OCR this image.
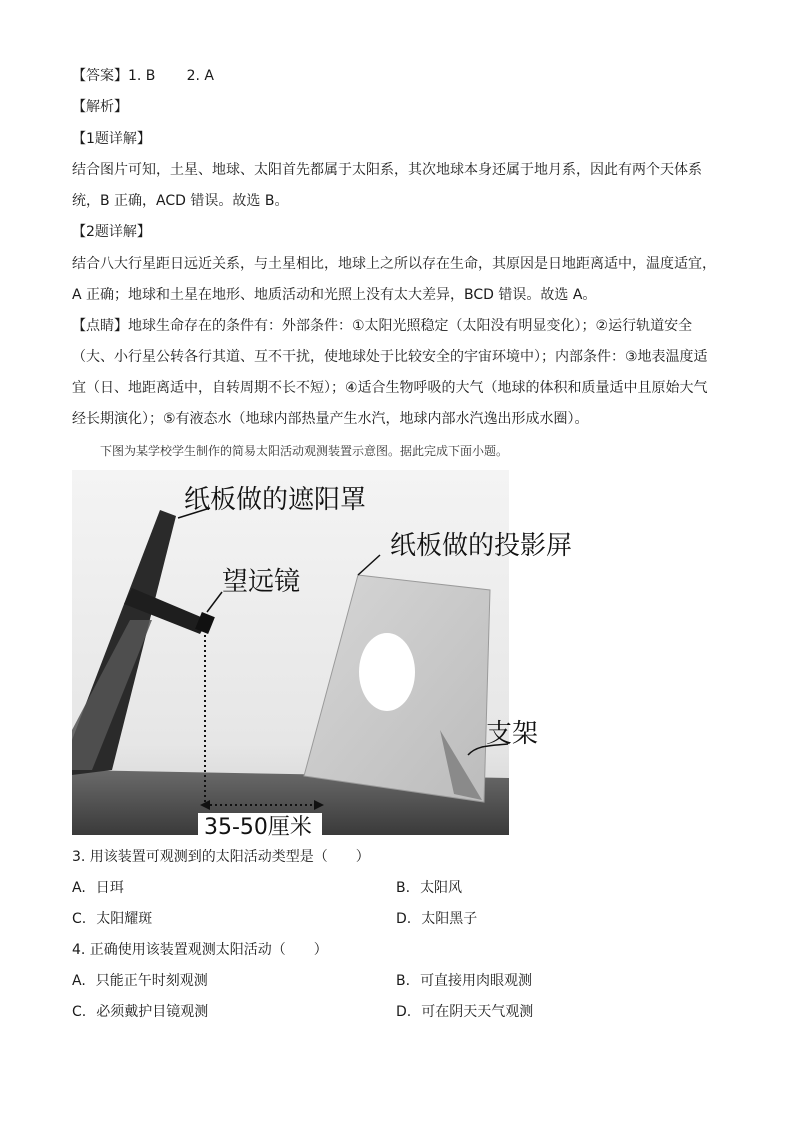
【答案】1. B       2. A
【解析】
【1题详解】
结合图片可知，土星、地球、太阳首先都属于太阳系，其次地球本身还属于地月系，因此有两个天体系
统，B 正确，ACD 错误。故选 B。
【2题详解】
结合八大行星距日远近关系，与土星相比，地球上之所以存在生命，其原因是日地距离适中，温度适宜，
A 正确；地球和土星在地形、地质活动和光照上没有太大差异，BCD 错误。故选 A。
【点睛】地球生命存在的条件有：外部条件：①太阳光照稳定（太阳没有明显变化）；②运行轨道安全
（大、小行星公转各行其道、互不干扰，使地球处于比较安全的宇宙环境中）；内部条件：③地表温度适
宜（日、地距离适中，自转周期不长不短）；④适合生物呼吸的大气（地球的体积和质量适中且原始大气
经长期演化）；⑤有液态水（地球内部热量产生水汽，地球内部水汽逸出形成水圈）。
下图为某学校学生制作的简易太阳活动观测装置示意图。据此完成下面小题。
纸板做的遮阳罩
纸板做的投影屏
望远镜
支架
35-50厘米
3. 用该装置可观测到的太阳活动类型是（　　）
A. 日珥	B. 太阳风
C. 太阳耀斑	D. 太阳黑子
4. 正确使用该装置观测太阳活动（　　）
A. 只能正午时刻观测	B. 可直接用肉眼观测
C. 必须戴护目镜观测	D. 可在阴天天气观测
